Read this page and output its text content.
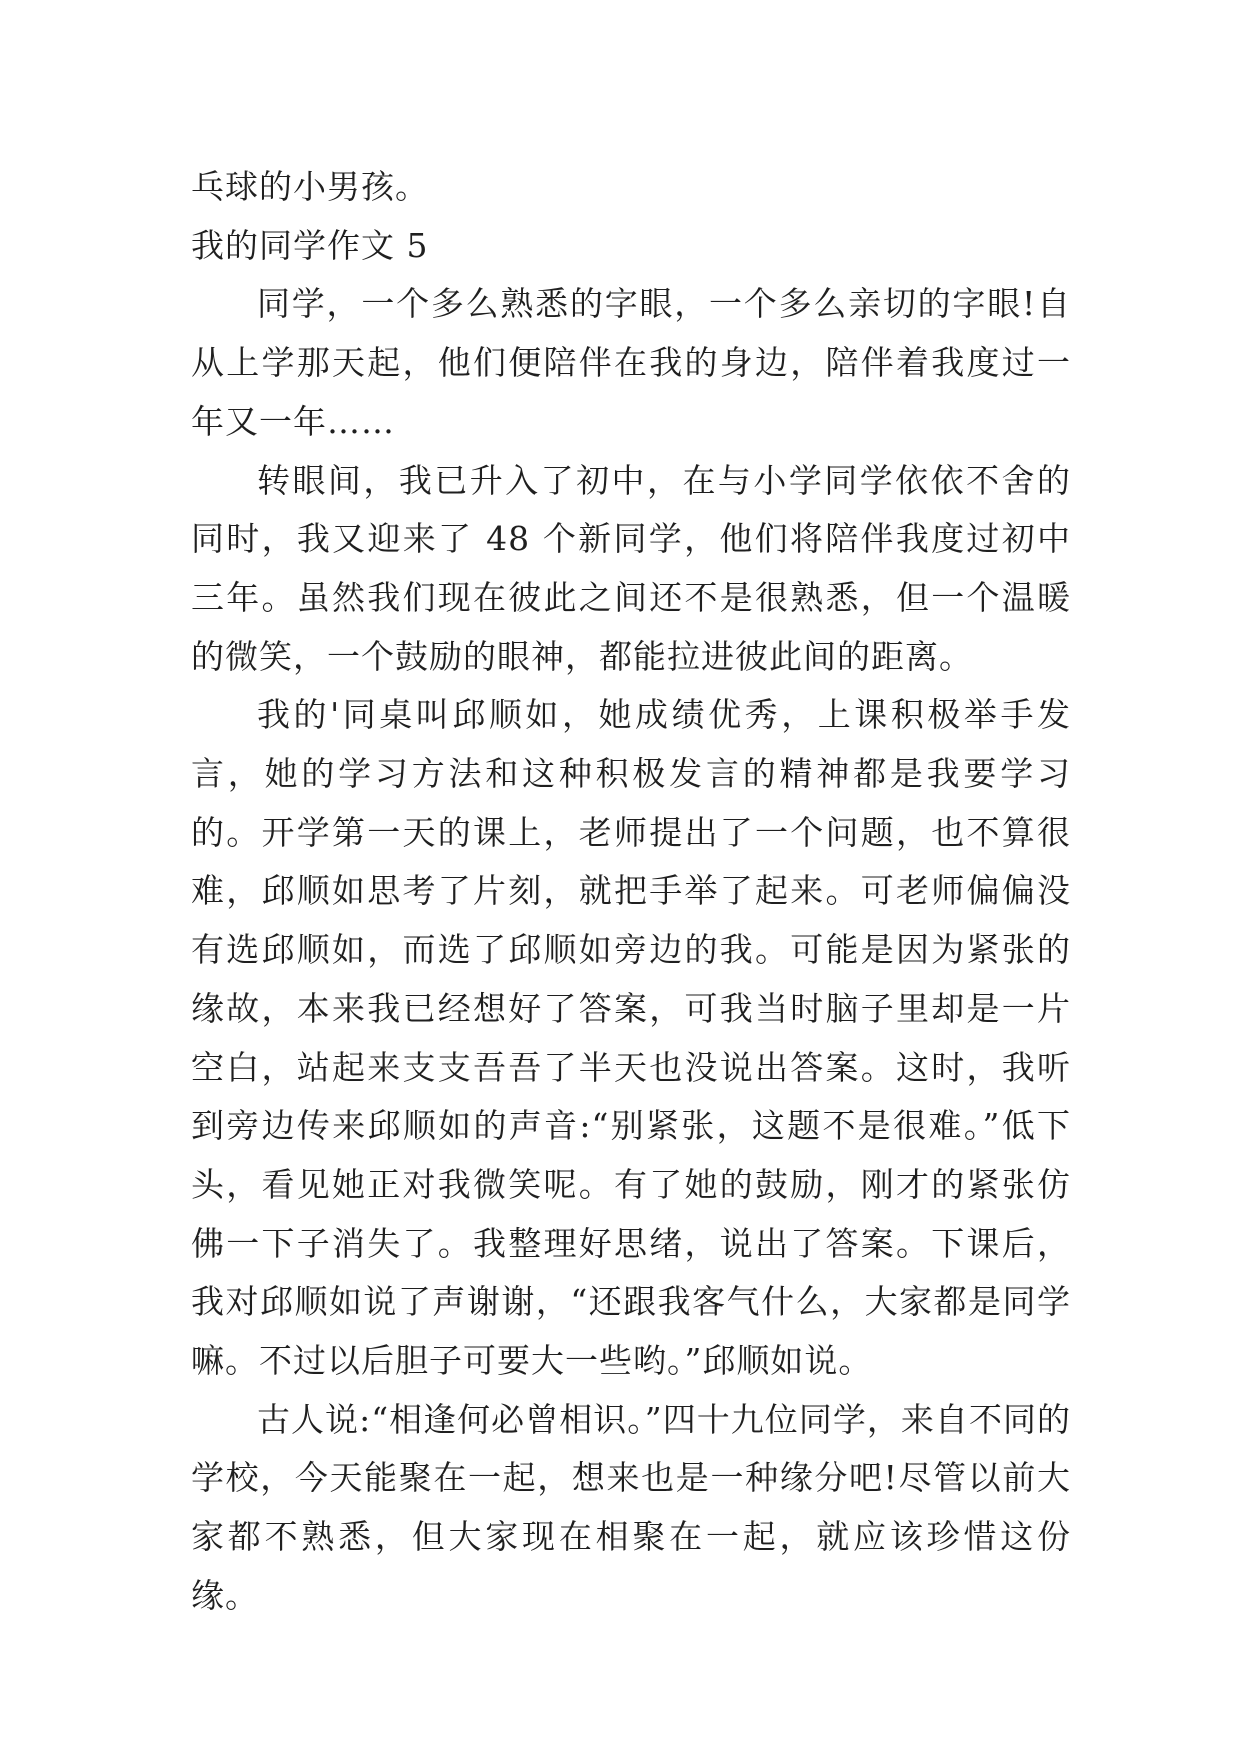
乓球的小男孩。

我的同学作文 5

同学，一个多么熟悉的字眼，一个多么亲切的字眼!自从上学那天起，他们便陪伴在我的身边，陪伴着我度过一年又一年……

转眼间，我已升入了初中，在与小学同学依依不舍的同时，我又迎来了 48 个新同学，他们将陪伴我度过初中三年。虽然我们现在彼此之间还不是很熟悉，但一个温暖的微笑，一个鼓励的眼神，都能拉进彼此间的距离。

我的'同桌叫邱顺如，她成绩优秀，上课积极举手发言，她的学习方法和这种积极发言的精神都是我要学习的。开学第一天的课上，老师提出了一个问题，也不算很难，邱顺如思考了片刻，就把手举了起来。可老师偏偏没有选邱顺如，而选了邱顺如旁边的我。可能是因为紧张的缘故，本来我已经想好了答案，可我当时脑子里却是一片空白，站起来支支吾吾了半天也没说出答案。这时，我听到旁边传来邱顺如的声音:“别紧张，这题不是很难。”低下头，看见她正对我微笑呢。有了她的鼓励，刚才的紧张仿佛一下子消失了。我整理好思绪，说出了答案。下课后，我对邱顺如说了声谢谢，“还跟我客气什么，大家都是同学嘛。不过以后胆子可要大一些哟。”邱顺如说。

古人说:“相逢何必曾相识。”四十九位同学，来自不同的学校，今天能聚在一起，想来也是一种缘分吧!尽管以前大家都不熟悉，但大家现在相聚在一起，就应该珍惜这份缘。
